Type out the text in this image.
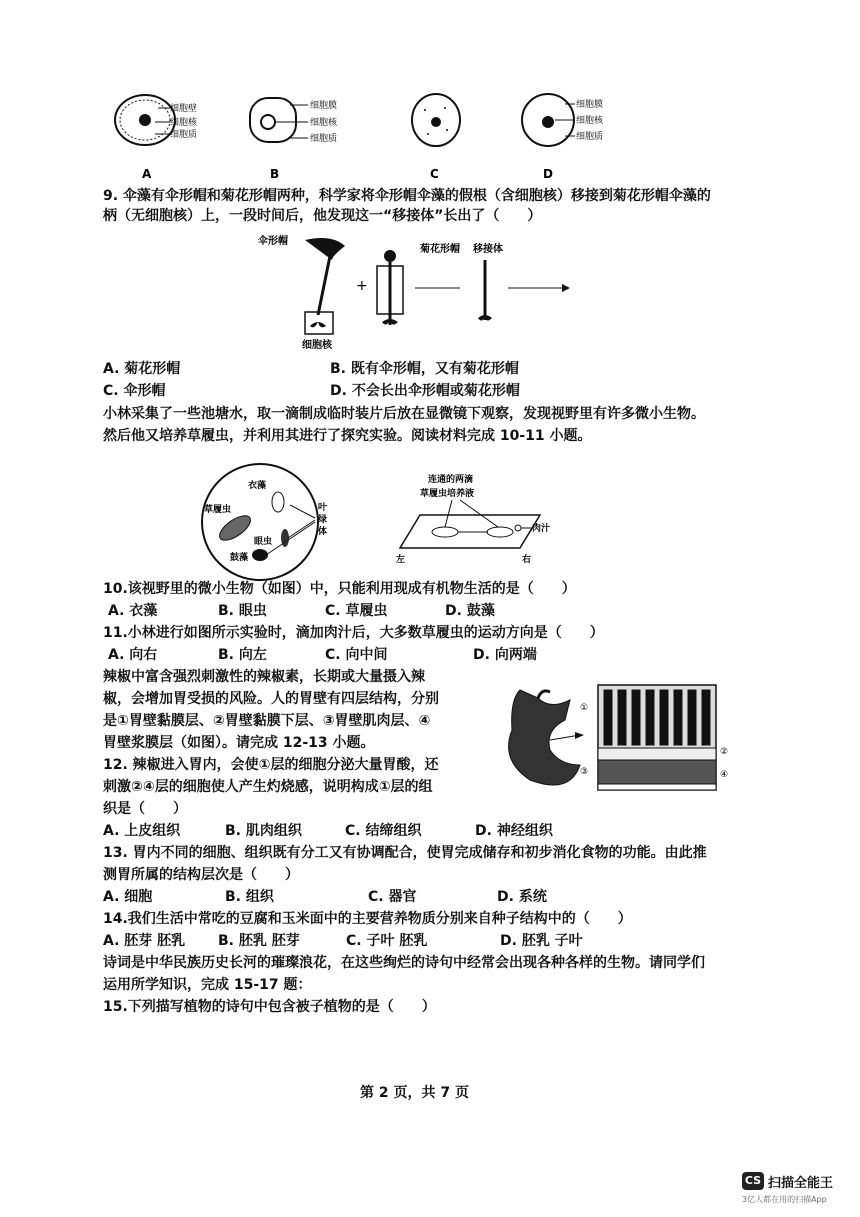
细胞壁
细胞核
细胞质
A
细胞膜
细胞核
细胞质
B	C
细胞膜
细胞核
细胞质
D
9. 伞藻有伞形帽和菊花形帽两种，科学家将伞形帽伞藻的假根（含细胞核）移接到菊花形帽伞藻的
柄（无细胞核）上，一段时间后，他发现这一“移接体”长出了（　　）
伞形帽
细胞核
+
菊花形帽 移接体
A. 菊花形帽	B. 既有伞形帽，又有菊花形帽
C. 伞形帽	D. 不会长出伞形帽或菊花形帽
小林采集了一些池塘水，取一滴制成临时装片后放在显微镜下观察，发现视野里有许多微小生物。
然后他又培养草履虫，并利用其进行了探究实验。阅读材料完成 10-11 小题。
衣藻
草履虫
眼虫
鼓藻
叶
绿
体
连通的两滴
草履虫培养液
肉汁
左	右
10.该视野里的微小生物（如图）中，只能利用现成有机物生活的是（　　）
A. 衣藻	B. 眼虫	C. 草履虫	D. 鼓藻
11.小林进行如图所示实验时，滴加肉汁后，大多数草履虫的运动方向是（　　）
A. 向右	B. 向左	C. 向中间	D. 向两端
辣椒中富含强烈刺激性的辣椒素，长期或大量摄入辣
椒，会增加胃受损的风险。人的胃壁有四层结构，分别
是①胃壁黏膜层、②胃壁黏膜下层、③胃壁肌肉层、④
胃壁浆膜层（如图）。请完成 12-13 小题。
①
②
③	④
12. 辣椒进入胃内，会使①层的细胞分泌大量胃酸，还
刺激②④层的细胞使人产生灼烧感，说明构成①层的组
织是（　　）
A. 上皮组织	B. 肌肉组织	C. 结缔组织	D. 神经组织
13. 胃内不同的细胞、组织既有分工又有协调配合，使胃完成储存和初步消化食物的功能。由此推
测胃所属的结构层次是（　　）
A. 细胞	B. 组织	C. 器官	D. 系统
14.我们生活中常吃的豆腐和玉米面中的主要营养物质分别来自种子结构中的（　　）
A. 胚芽 胚乳 B. 胚乳 胚芽	C. 子叶 胚乳	D. 胚乳 子叶
诗词是中华民族历史长河的璀璨浪花，在这些绚烂的诗句中经常会出现各种各样的生物。请同学们
运用所学知识，完成 15-17 题：
15.下列描写植物的诗句中包含被子植物的是（　　）
第 2 页，共 7 页
CS 扫描全能王
3亿人都在用的扫描App
